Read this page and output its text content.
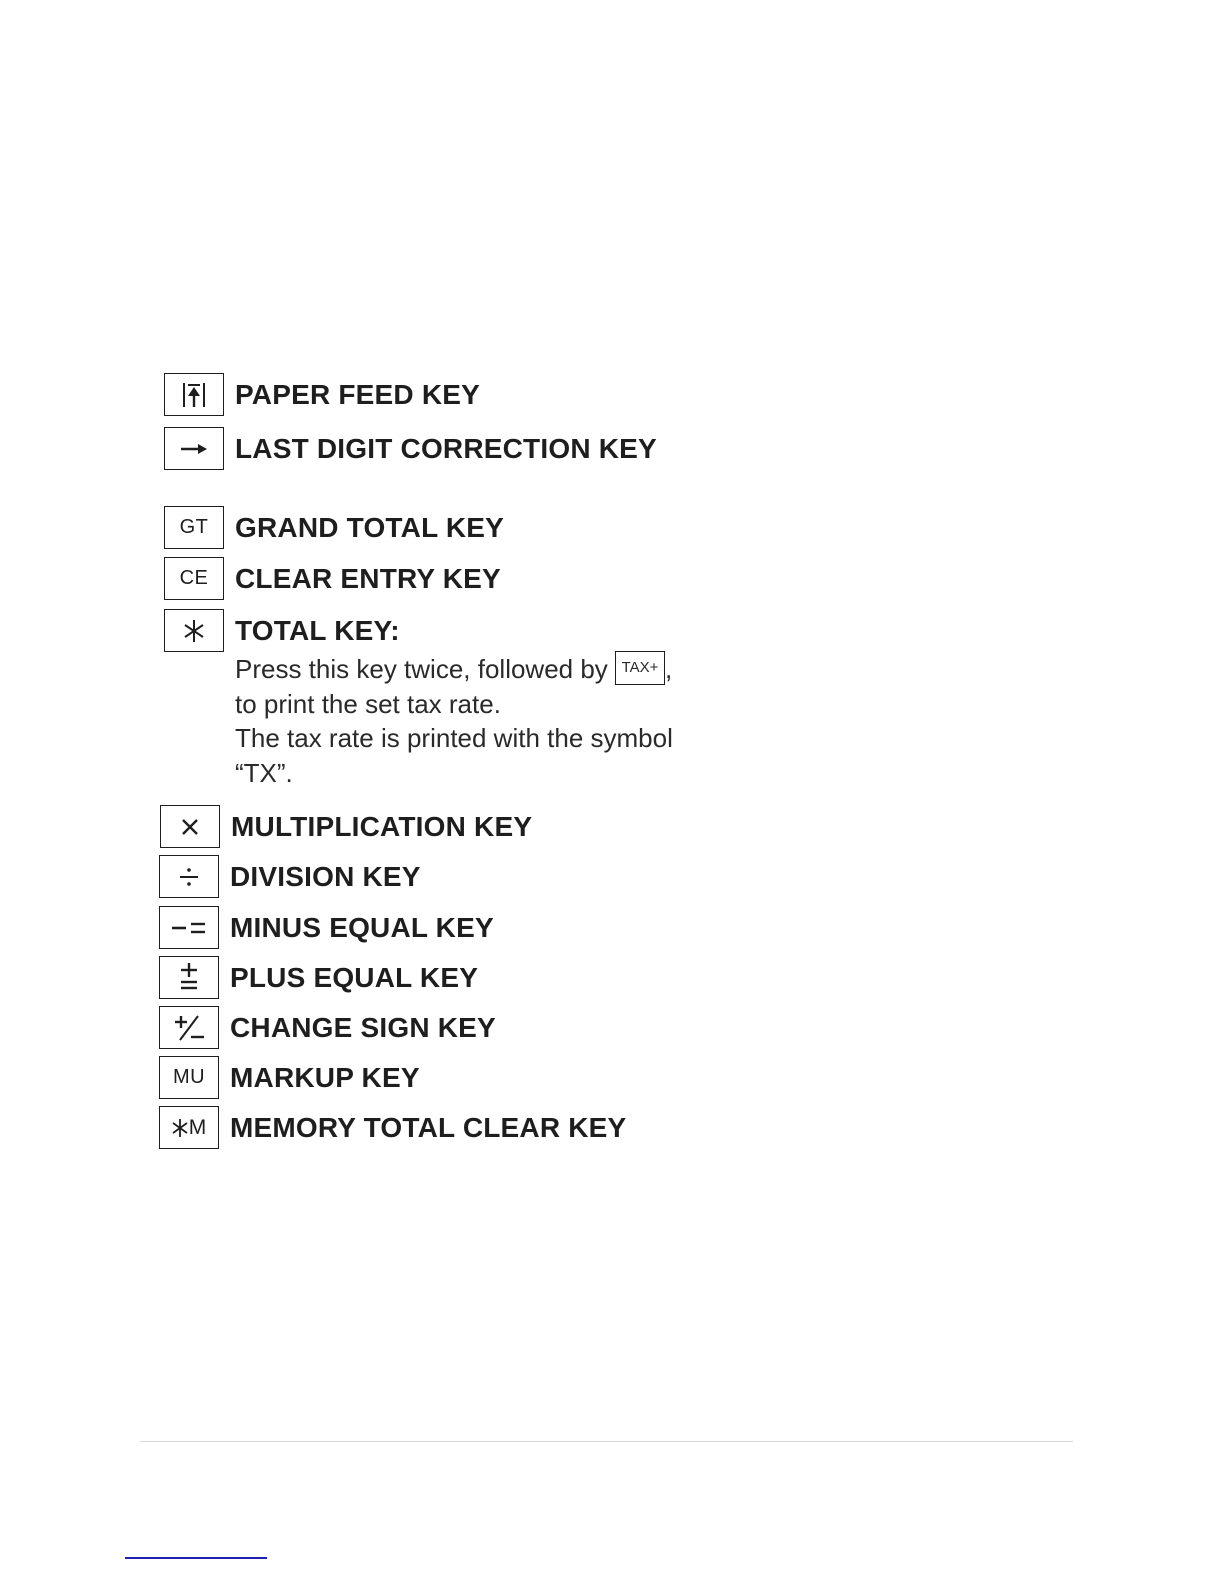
PAPER FEED KEY
LAST DIGIT CORRECTION KEY
GT GRAND TOTAL KEY
CE CLEAR ENTRY KEY
TOTAL KEY:
Press this key twice, followed by TAX+ ,
to print the set tax rate.
The tax rate is printed with the symbol
“TX”.
MULTIPLICATION KEY
DIVISION KEY
MINUS EQUAL KEY
PLUS EQUAL KEY
CHANGE SIGN KEY
MU MARKUP KEY
M MEMORY TOTAL CLEAR KEY
